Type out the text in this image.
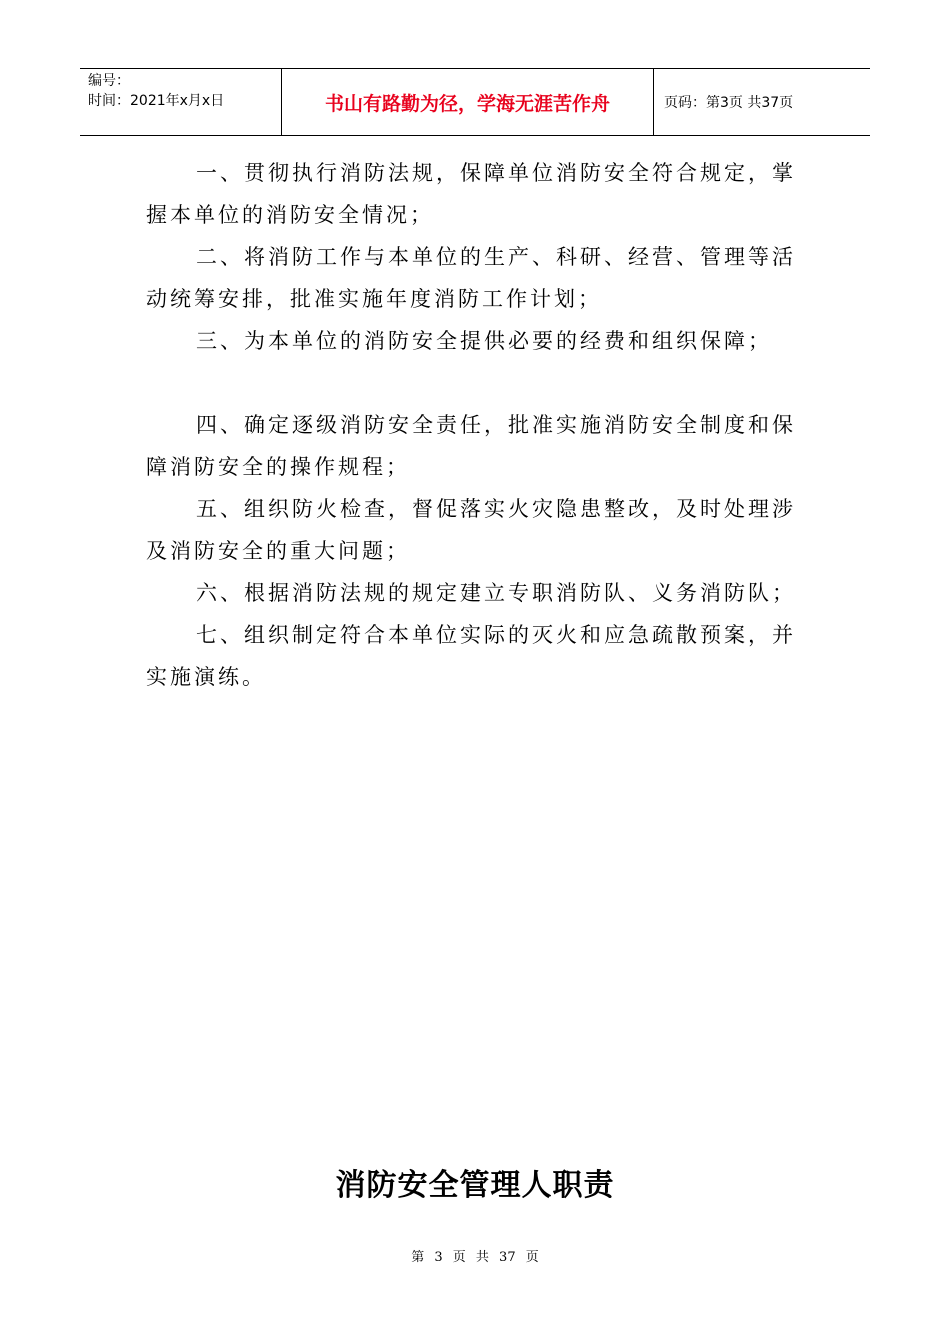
编号：
时间：2021年x月x日	书山有路勤为径，学海无涯苦作舟	页码：第3页 共37页

一、贯彻执行消防法规，保障单位消防安全符合规定，掌握本单位的消防安全情况；

二、将消防工作与本单位的生产、科研、经营、管理等活动统筹安排，批准实施年度消防工作计划；

三、为本单位的消防安全提供必要的经费和组织保障；

四、确定逐级消防安全责任，批准实施消防安全制度和保障消防安全的操作规程；

五、组织防火检查，督促落实火灾隐患整改，及时处理涉及消防安全的重大问题；

六、根据消防法规的规定建立专职消防队、义务消防队；

七、组织制定符合本单位实际的灭火和应急疏散预案，并实施演练。

消防安全管理人职责
第 3 页 共 37 页
